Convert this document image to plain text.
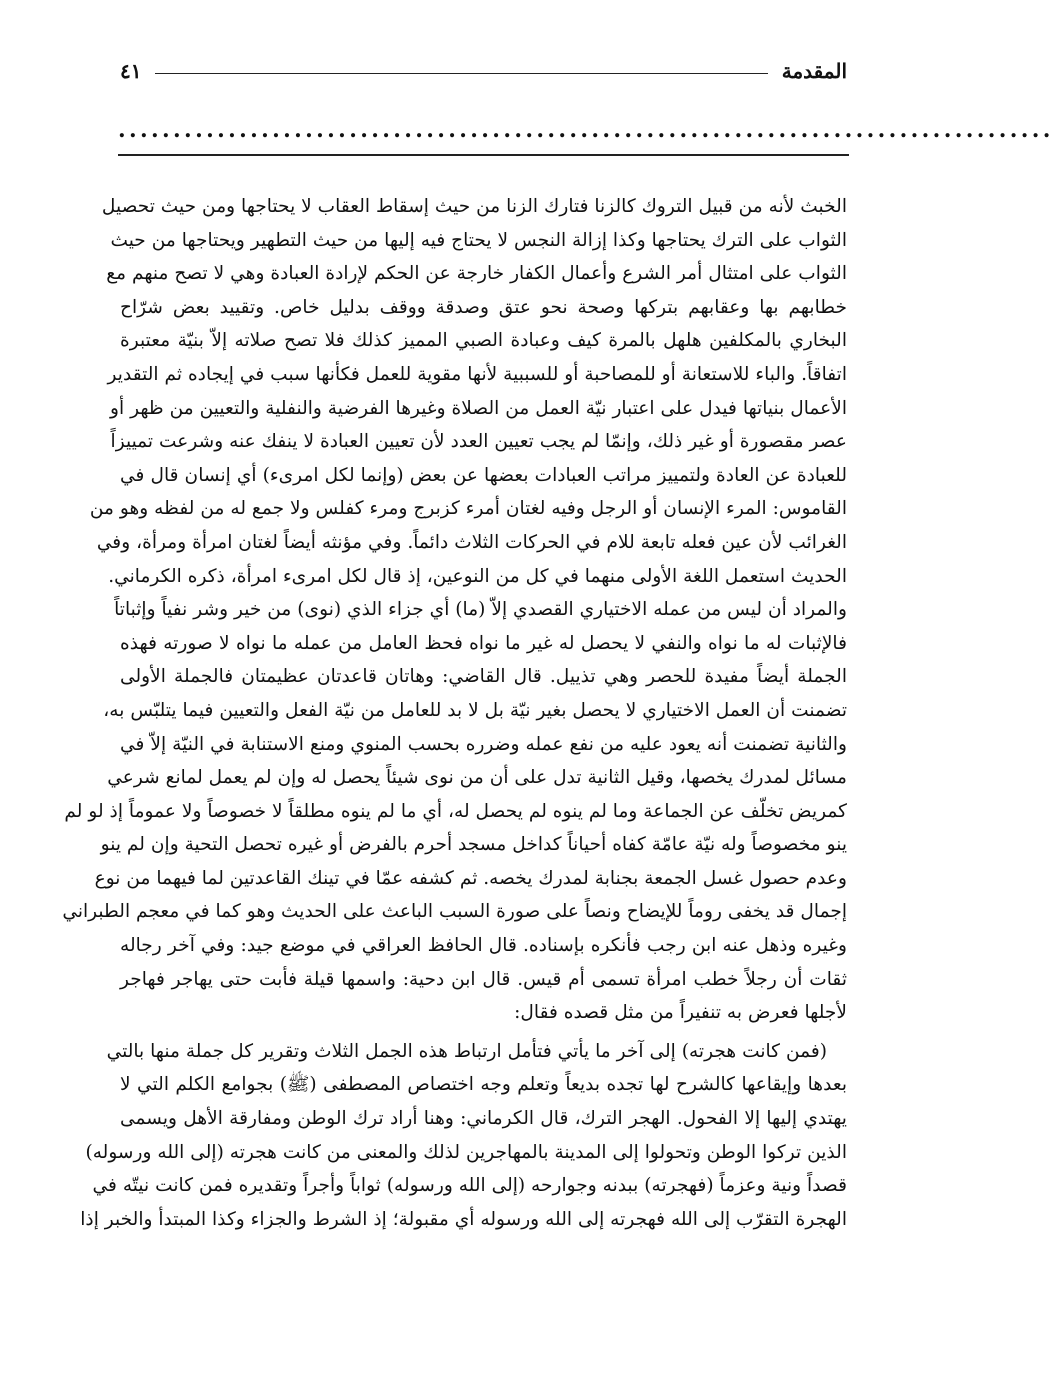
المقدمة
٤١
.....................................................................................
الخبث لأنه من قبيل التروك كالزنا فتارك الزنا من حيث إسقاط العقاب لا يحتاجها ومن حيث تحصيل
الثواب على الترك يحتاجها وكذا إزالة النجس لا يحتاج فيه إليها من حيث التطهير ويحتاجها من حيث
الثواب على امتثال أمر الشرع وأعمال الكفار خارجة عن الحكم لإرادة العبادة وهي لا تصح منهم مع
خطابهم بها وعقابهم بتركها وصحة نحو عتق وصدقة ووقف بدليل خاص. وتقييد بعض شرّاح
البخاري بالمكلفين هلهل بالمرة كيف وعبادة الصبي المميز كذلك فلا تصح صلاته إلاّ بنيّة معتبرة
اتفاقاً. والباء للاستعانة أو للمصاحبة أو للسببية لأنها مقوية للعمل فكأنها سبب في إيجاده ثم التقدير
الأعمال بنياتها فيدل على اعتبار نيّة العمل من الصلاة وغيرها الفرضية والنفلية والتعيين من ظهر أو
عصر مقصورة أو غير ذلك، وإنمّا لم يجب تعيين العدد لأن تعيين العبادة لا ينفك عنه وشرعت تمييزاً
للعبادة عن العادة ولتمييز مراتب العبادات بعضها عن بعض (وإنما لكل امرىء) أي إنسان قال في
القاموس: المرء الإنسان أو الرجل وفيه لغتان أمرء كزبرج ومرء كفلس ولا جمع له من لفظه وهو من
الغرائب لأن عين فعله تابعة للام في الحركات الثلاث دائماً. وفي مؤنثه أيضاً لغتان امرأة ومرأة، وفي
الحديث استعمل اللغة الأولى منهما في كل من النوعين، إذ قال لكل امرىء امرأة، ذكره الكرماني.
والمراد أن ليس من عمله الاختياري القصدي إلاّ (ما) أي جزاء الذي (نوى) من خير وشر نفياً وإثباتاً
فالإثبات له ما نواه والنفي لا يحصل له غير ما نواه فحظ العامل من عمله ما نواه لا صورته فهذه
الجملة أيضاً مفيدة للحصر وهي تذييل. قال القاضي: وهاتان قاعدتان عظيمتان فالجملة الأولى
تضمنت أن العمل الاختياري لا يحصل بغير نيّة بل لا بد للعامل من نيّة الفعل والتعيين فيما يتلبّس به،
والثانية تضمنت أنه يعود عليه من نفع عمله وضرره بحسب المنوي ومنع الاستنابة في النيّة إلاّ في
مسائل لمدرك يخصها، وقيل الثانية تدل على أن من نوى شيئاً يحصل له وإن لم يعمل لمانع شرعي
كمريض تخلّف عن الجماعة وما لم ينوه لم يحصل له، أي ما لم ينوه مطلقاً لا خصوصاً ولا عموماً إذ لو لم
ينو مخصوصاً وله نيّة عامّة كفاه أحياناً كداخل مسجد أحرم بالفرض أو غيره تحصل التحية وإن لم ينو
وعدم حصول غسل الجمعة بجنابة لمدرك يخصه. ثم كشفه عمّا في تينك القاعدتين لما فيهما من نوع
إجمال قد يخفى روماً للإيضاح ونصاً على صورة السبب الباعث على الحديث وهو كما في معجم الطبراني
وغيره وذهل عنه ابن رجب فأنكره بإسناده. قال الحافظ العراقي في موضع جيد: وفي آخر رجاله
ثقات أن رجلاً خطب امرأة تسمى أم قيس. قال ابن دحية: واسمها قيلة فأبت حتى يهاجر فهاجر
لأجلها فعرض به تنفيراً من مثل قصده فقال:
(فمن كانت هجرته) إلى آخر ما يأتي فتأمل ارتباط هذه الجمل الثلاث وتقرير كل جملة منها بالتي
بعدها وإيقاعها كالشرح لها تجده بديعاً وتعلم وجه اختصاص المصطفى (ﷺ) بجوامع الكلم التي لا
يهتدي إليها إلا الفحول. الهجر الترك، قال الكرماني: وهنا أراد ترك الوطن ومفارقة الأهل ويسمى
الذين تركوا الوطن وتحولوا إلى المدينة بالمهاجرين لذلك والمعنى من كانت هجرته (إلى الله ورسوله)
قصداً ونية وعزماً (فهجرته) ببدنه وجوارحه (إلى الله ورسوله) ثواباً وأجراً وتقديره فمن كانت نيتّه في
الهجرة التقرّب إلى الله فهجرته إلى الله ورسوله أي مقبولة؛ إذ الشرط والجزاء وكذا المبتدأ والخبر إذا
